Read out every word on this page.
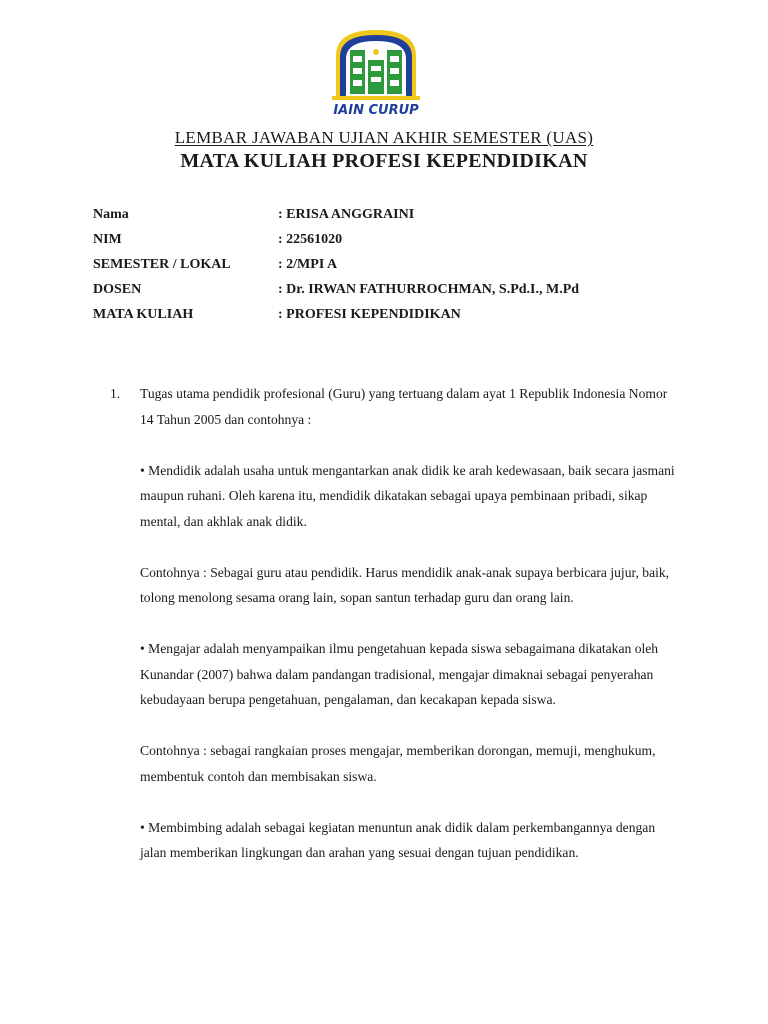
IAIN CURUP
LEMBAR JAWABAN UJIAN AKHIR SEMESTER (UAS)
MATA KULIAH PROFESI KEPENDIDIKAN
Nama	: ERISA ANGGRAINI
NIM	: 22561020
SEMESTER / LOKAL	: 2/MPI A
DOSEN	: Dr. IRWAN FATHURROCHMAN, S.Pd.I., M.Pd
MATA KULIAH	: PROFESI KEPENDIDIKAN
1.	Tugas utama pendidik profesional (Guru) yang tertuang dalam ayat 1 Republik Indonesia Nomor 14 Tahun 2005 dan contohnya :
• Mendidik adalah usaha untuk mengantarkan anak didik ke arah kedewasaan, baik secara jasmani maupun ruhani. Oleh karena itu, mendidik dikatakan sebagai upaya pembinaan pribadi, sikap mental, dan akhlak anak didik.
Contohnya : Sebagai guru atau pendidik. Harus mendidik anak-anak supaya berbicara jujur, baik, tolong menolong sesama orang lain, sopan santun terhadap guru dan orang lain.
• Mengajar adalah menyampaikan ilmu pengetahuan kepada siswa sebagaimana dikatakan oleh Kunandar (2007) bahwa dalam pandangan tradisional, mengajar dimaknai sebagai penyerahan kebudayaan berupa pengetahuan, pengalaman, dan kecakapan kepada siswa.
Contohnya : sebagai rangkaian proses mengajar, memberikan dorongan, memuji, menghukum, membentuk contoh dan membisakan siswa.
• Membimbing adalah sebagai kegiatan menuntun anak didik dalam perkembangannya dengan jalan memberikan lingkungan dan arahan yang sesuai dengan tujuan pendidikan.
